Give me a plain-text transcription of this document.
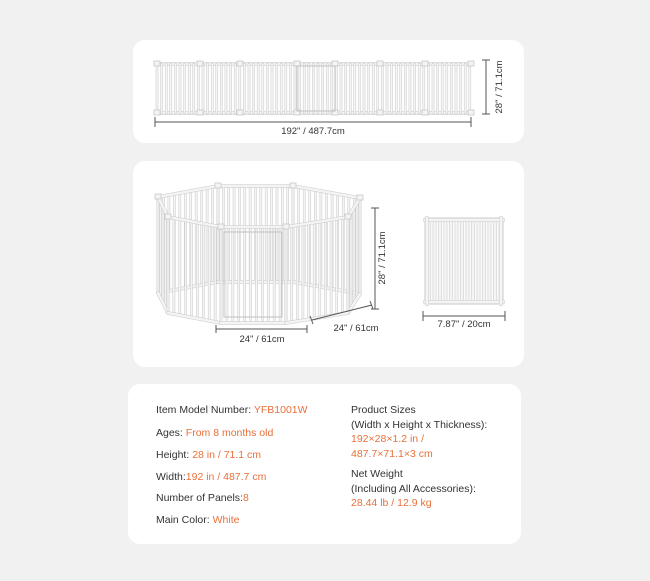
192" / 487.7cm
28" / 71.1cm
28" / 71.1cm
24" / 61cm
24" / 61cm	7.87" / 20cm
Item Model Number: YFB1001W
Ages: From 8 months old
Height: 28 in / 71.1 cm
Width:192 in / 487.7 cm
Number of Panels:8
Main Color: White
Product Sizes
(Width x Height x Thickness):
192×28×1.2 in /
487.7×71.1×3 cm
Net Weight
(Including All Accessories):
28.44 lb / 12.9 kg
